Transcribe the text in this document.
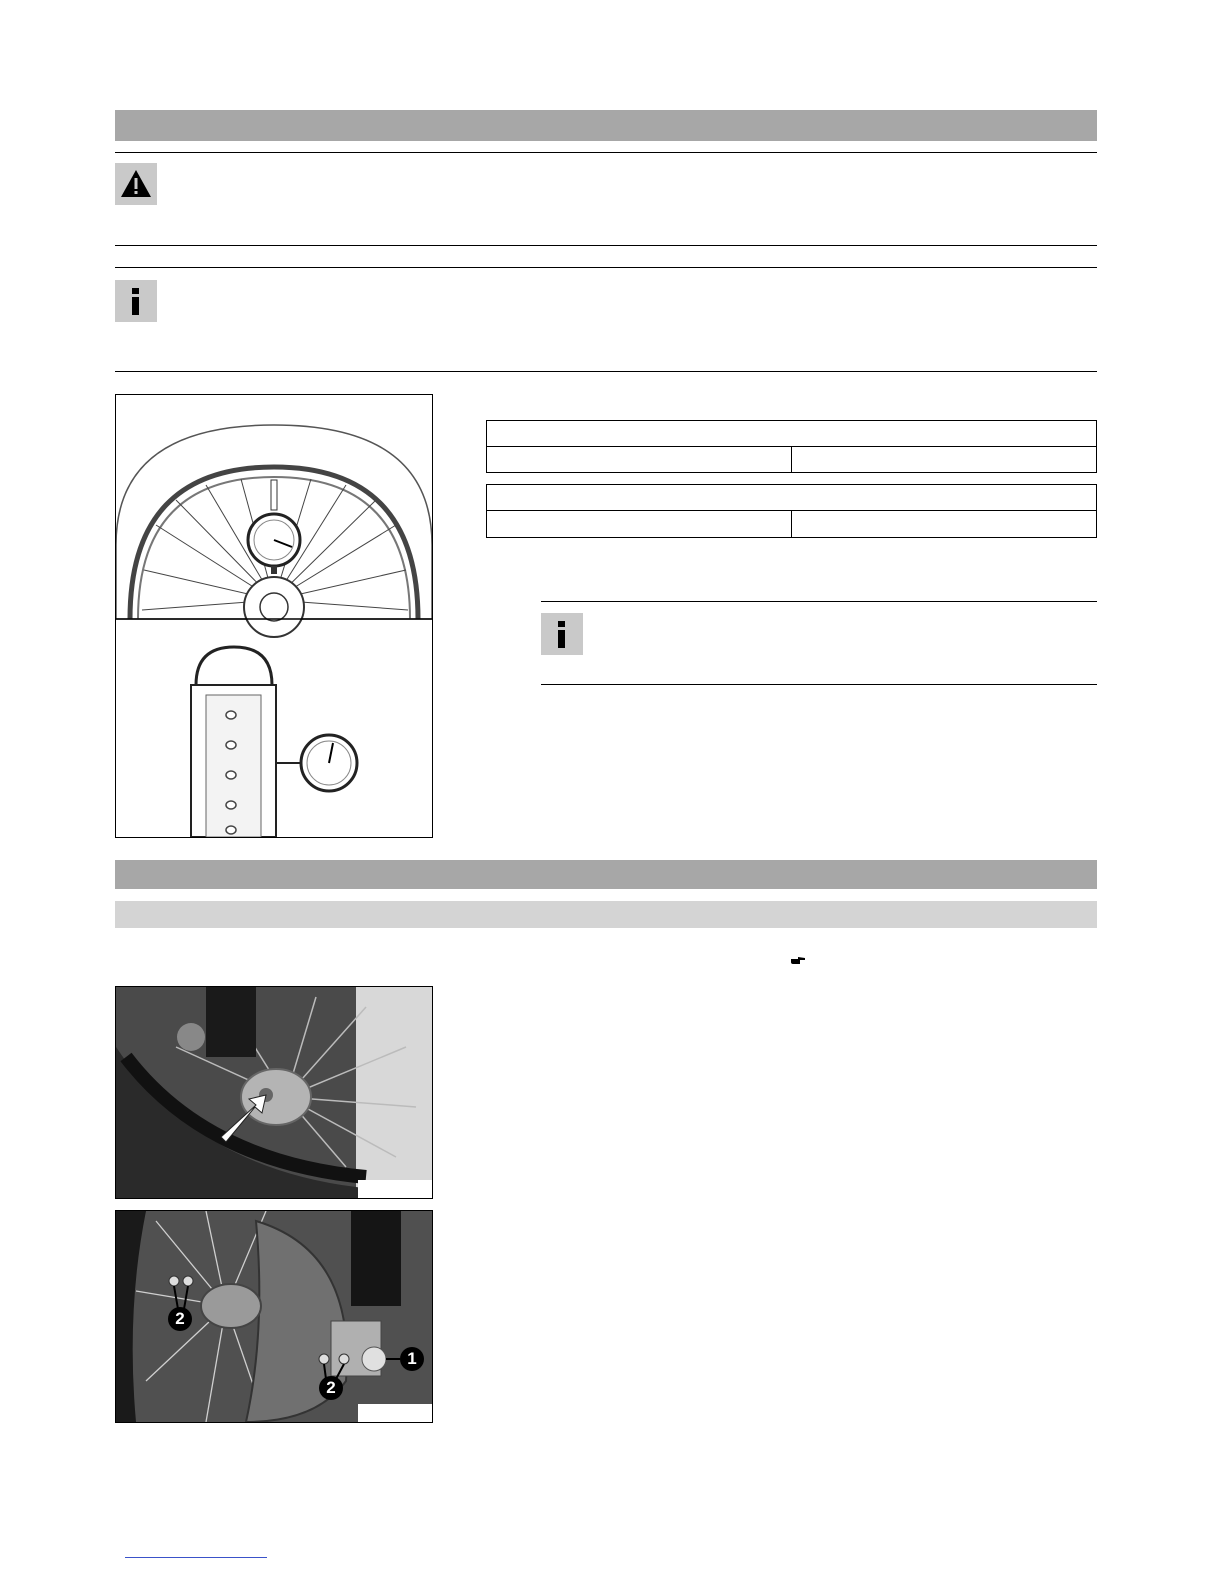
1
2
2
